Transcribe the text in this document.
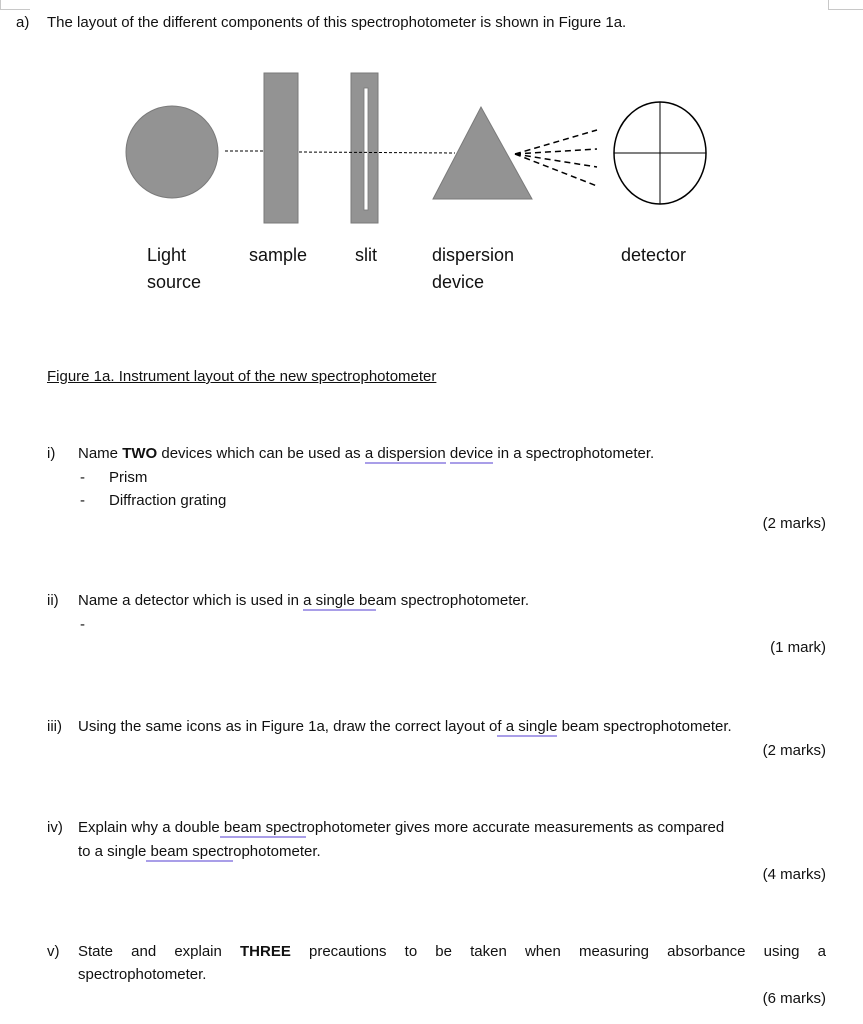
a) The layout of the different components of this spectrophotometer is shown in Figure 1a.
Light
source
sample	slit	dispersion
device
detector
Figure 1a. Instrument layout of the new spectrophotometer
i) Name TWO devices which can be used as a dispersion device in a spectrophotometer.
- Prism
- Diffraction grating
(2 marks)
ii) Name a detector which is used in a single beam spectrophotometer.
-
(1 mark)
iii) Using the same icons as in Figure 1a, draw the correct layout of a single beam spectrophotometer.
(2 marks)
iv) Explain why a double beam spectrophotometer gives more accurate measurements as compared
to a single beam spectrophotometer.
(4 marks)
v) State and explain THREE precautions to be taken when measuring absorbance using a
spectrophotometer.
(6 marks)
